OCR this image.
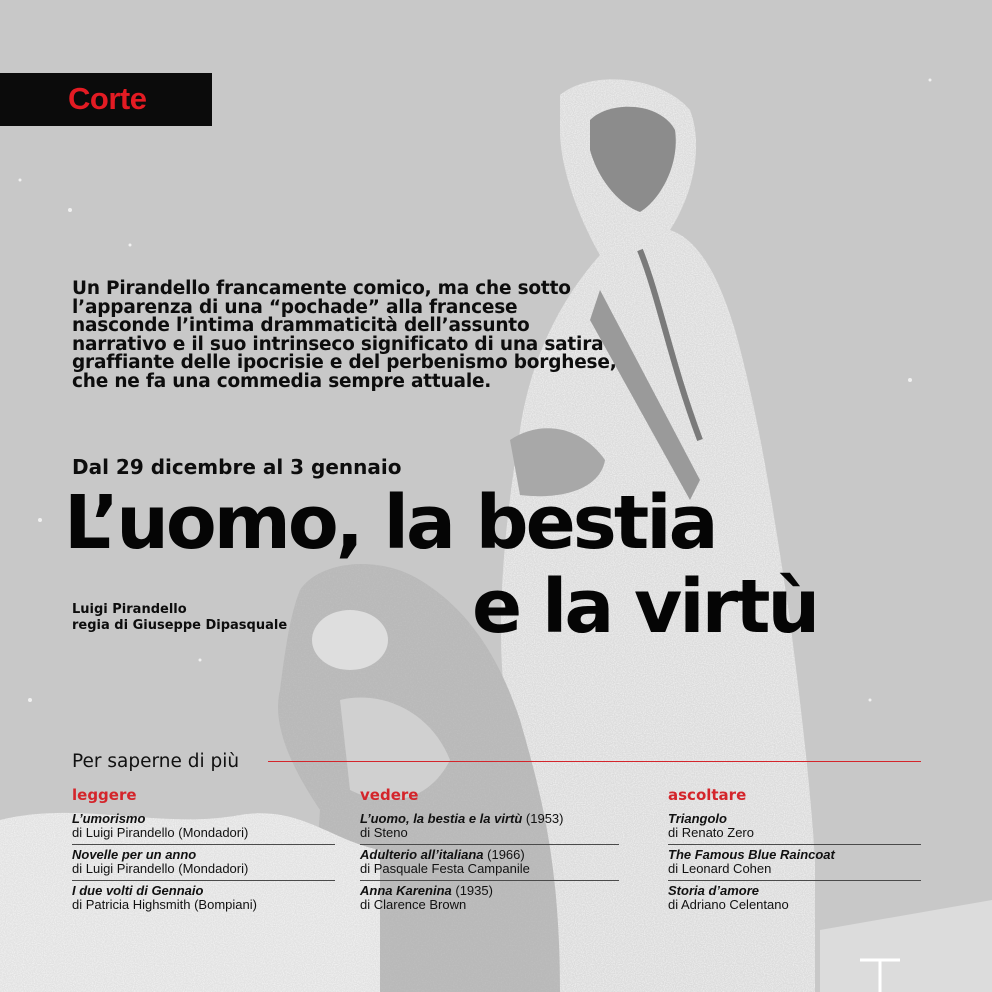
Corte
Un Pirandello francamente comico, ma che sotto
l’apparenza di una “pochade” alla francese
nasconde l’intima drammaticità dell’assunto
narrativo e il suo intrinseco significato di una satira
graffiante delle ipocrisie e del perbenismo borghese,
che ne fa una commedia sempre attuale.
Dal 29 dicembre al 3 gennaio
L’uomo, la bestia
e la virtù
Luigi Pirandello
regia di Giuseppe Dipasquale
Per saperne di più
leggere
L’umorismo
di Luigi Pirandello (Mondadori)
Novelle per un anno
di Luigi Pirandello (Mondadori)
I due volti di Gennaio
di Patricia Highsmith (Bompiani)
vedere
L’uomo, la bestia e la virtù (1953)
di Steno
Adulterio all’italiana (1966)
di Pasquale Festa Campanile
Anna Karenina (1935)
di Clarence Brown
ascoltare
Triangolo
di Renato Zero
The Famous Blue Raincoat
di Leonard Cohen
Storia d’amore
di Adriano Celentano
